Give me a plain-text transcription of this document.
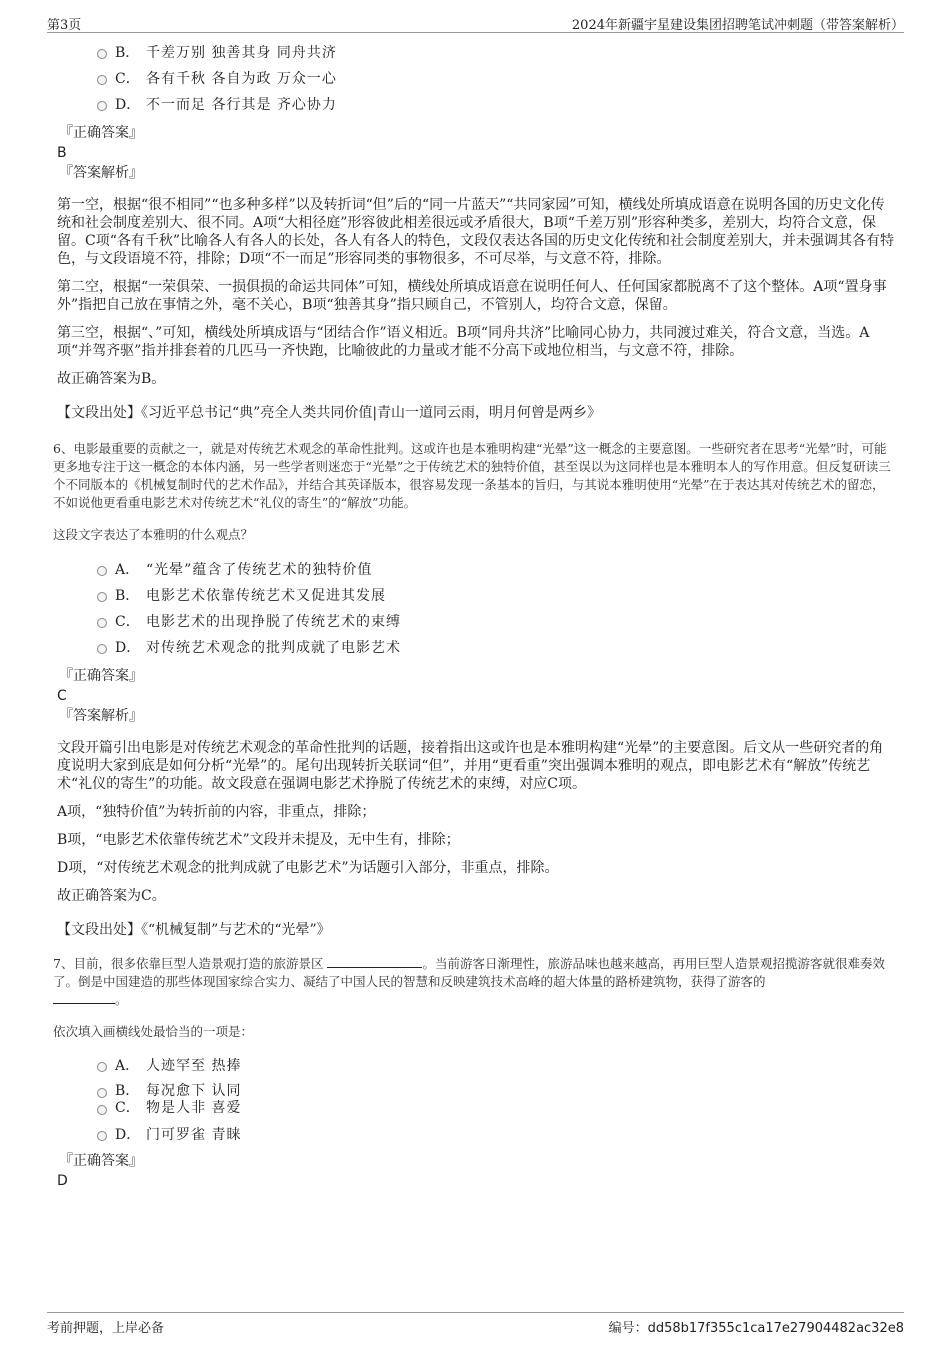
第3页	2024年新疆宇星建设集团招聘笔试冲刺题（带答案解析）
B． 千差万别 独善其身 同舟共济
C． 各有千秋 各自为政 万众一心
D． 不一而足 各行其是 齐心协力
『正确答案』
B
『答案解析』

第一空，根据“很不相同”“也多种多样”以及转折词“但”后的“同一片蓝天”“共同家园”可知，横线处所填成语意在说明各国的历史文化传统和社会制度差别大、很不同。A项“大相径庭”形容彼此相差很远或矛盾很大，B项“千差万别”形容种类多，差别大，均符合文意，保留。C项“各有千秋”比喻各人有各人的长处，各人有各人的特色，文段仅表达各国的历史文化传统和社会制度差别大，并未强调其各有特色，与文段语境不符，排除；D项“不一而足”形容同类的事物很多，不可尽举，与文意不符，排除。

第二空，根据“一荣俱荣、一损俱损的命运共同体”可知，横线处所填成语意在说明任何人、任何国家都脱离不了这个整体。A项“置身事外”指把自己放在事情之外，毫不关心，B项“独善其身”指只顾自己，不管别人，均符合文意，保留。

第三空，根据“、”可知，横线处所填成语与“团结合作”语义相近。B项“同舟共济”比喻同心协力，共同渡过难关，符合文意，当选。A项“并驾齐驱”指并排套着的几匹马一齐快跑，比喻彼此的力量或才能不分高下或地位相当，与文意不符，排除。

故正确答案为B。

【文段出处】《习近平总书记“典”亮全人类共同价值|青山一道同云雨，明月何曾是两乡》

6、电影最重要的贡献之一，就是对传统艺术观念的革命性批判。这或许也是本雅明构建“光晕”这一概念的主要意图。一些研究者在思考“光晕”时，可能更多地专注于这一概念的本体内涵，另一些学者则迷恋于“光晕”之于传统艺术的独特价值，甚至误以为这同样也是本雅明本人的写作用意。但反复研读三个不同版本的《机械复制时代的艺术作品》，并结合其英译版本，很容易发现一条基本的旨归，与其说本雅明使用“光晕”在于表达其对传统艺术的留恋，不如说他更看重电影艺术对传统艺术“礼仪的寄生”的“解放”功能。

这段文字表达了本雅明的什么观点？

A． “光晕”蕴含了传统艺术的独特价值
B． 电影艺术依靠传统艺术又促进其发展
C． 电影艺术的出现挣脱了传统艺术的束缚
D． 对传统艺术观念的批判成就了电影艺术
『正确答案』
C
『答案解析』

文段开篇引出电影是对传统艺术观念的革命性批判的话题，接着指出这或许也是本雅明构建“光晕”的主要意图。后文从一些研究者的角度说明大家到底是如何分析“光晕”的。尾句出现转折关联词“但”，并用“更看重”突出强调本雅明的观点，即电影艺术有“解放”传统艺术“礼仪的寄生”的功能。故文段意在强调电影艺术挣脱了传统艺术的束缚，对应C项。

A项，“独特价值”为转折前的内容，非重点，排除；

B项，“电影艺术依靠传统艺术”文段并未提及，无中生有，排除；

D项，“对传统艺术观念的批判成就了电影艺术”为话题引入部分，非重点，排除。

故正确答案为C。

【文段出处】《“机械复制”与艺术的“光晕”》

7、目前，很多依靠巨型人造景观打造的旅游景区	。当前游客日渐理性，旅游品味也越来越高，再用巨型人造景观招揽游客就很难奏效了。倒是中国建造的那些体现国家综合实力、凝结了中国人民的智慧和反映建筑技术高峰的超大体量的路桥建筑物，获得了游客的
。

依次填入画横线处最恰当的一项是：

A． 人迹罕至 热捧
B． 每况愈下 认同
C． 物是人非 喜爱
D． 门可罗雀 青睐
『正确答案』
D
考前押题，上岸必备	编号：dd58b17f355c1ca17e27904482ac32e8
